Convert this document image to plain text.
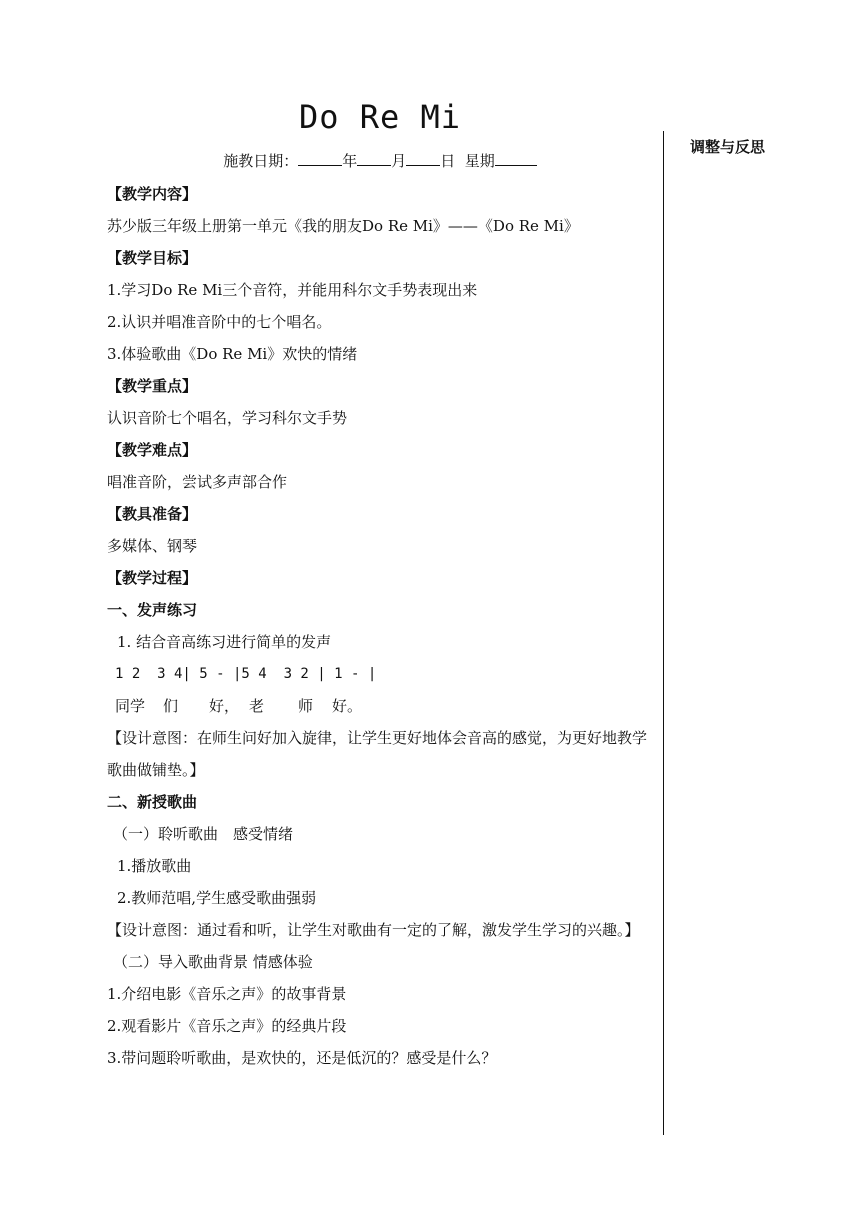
Do Re Mi
施教日期：	年 月 日 星期
调整与反思
【教学内容】
苏少版三年级上册第一单元《我的朋友Do Re Mi》——《Do Re Mi》
【教学目标】
1.学习Do Re Mi三个音符，并能用科尔文手势表现出来
2.认识并唱准音阶中的七个唱名。
3.体验歌曲《Do Re Mi》欢快的情绪
【教学重点】
认识音阶七个唱名，学习科尔文手势
【教学难点】
唱准音阶，尝试多声部合作
【教具准备】
多媒体、钢琴
【教学过程】
一、发声练习
1. 结合音高练习进行简单的发声
1 2  3 4| 5 - |5 4  3 2 | 1 - |
同学 们 好， 老 师 好。
【设计意图：在师生问好加入旋律，让学生更好地体会音高的感觉，为更好地教学歌曲做铺垫。】
二、新授歌曲
（一）聆听歌曲　感受情绪
1.播放歌曲
2.教师范唱,学生感受歌曲强弱
【设计意图：通过看和听，让学生对歌曲有一定的了解，激发学生学习的兴趣。】
（二）导入歌曲背景 情感体验
1.介绍电影《音乐之声》的故事背景
2.观看影片《音乐之声》的经典片段
3.带问题聆听歌曲，是欢快的，还是低沉的？感受是什么？
